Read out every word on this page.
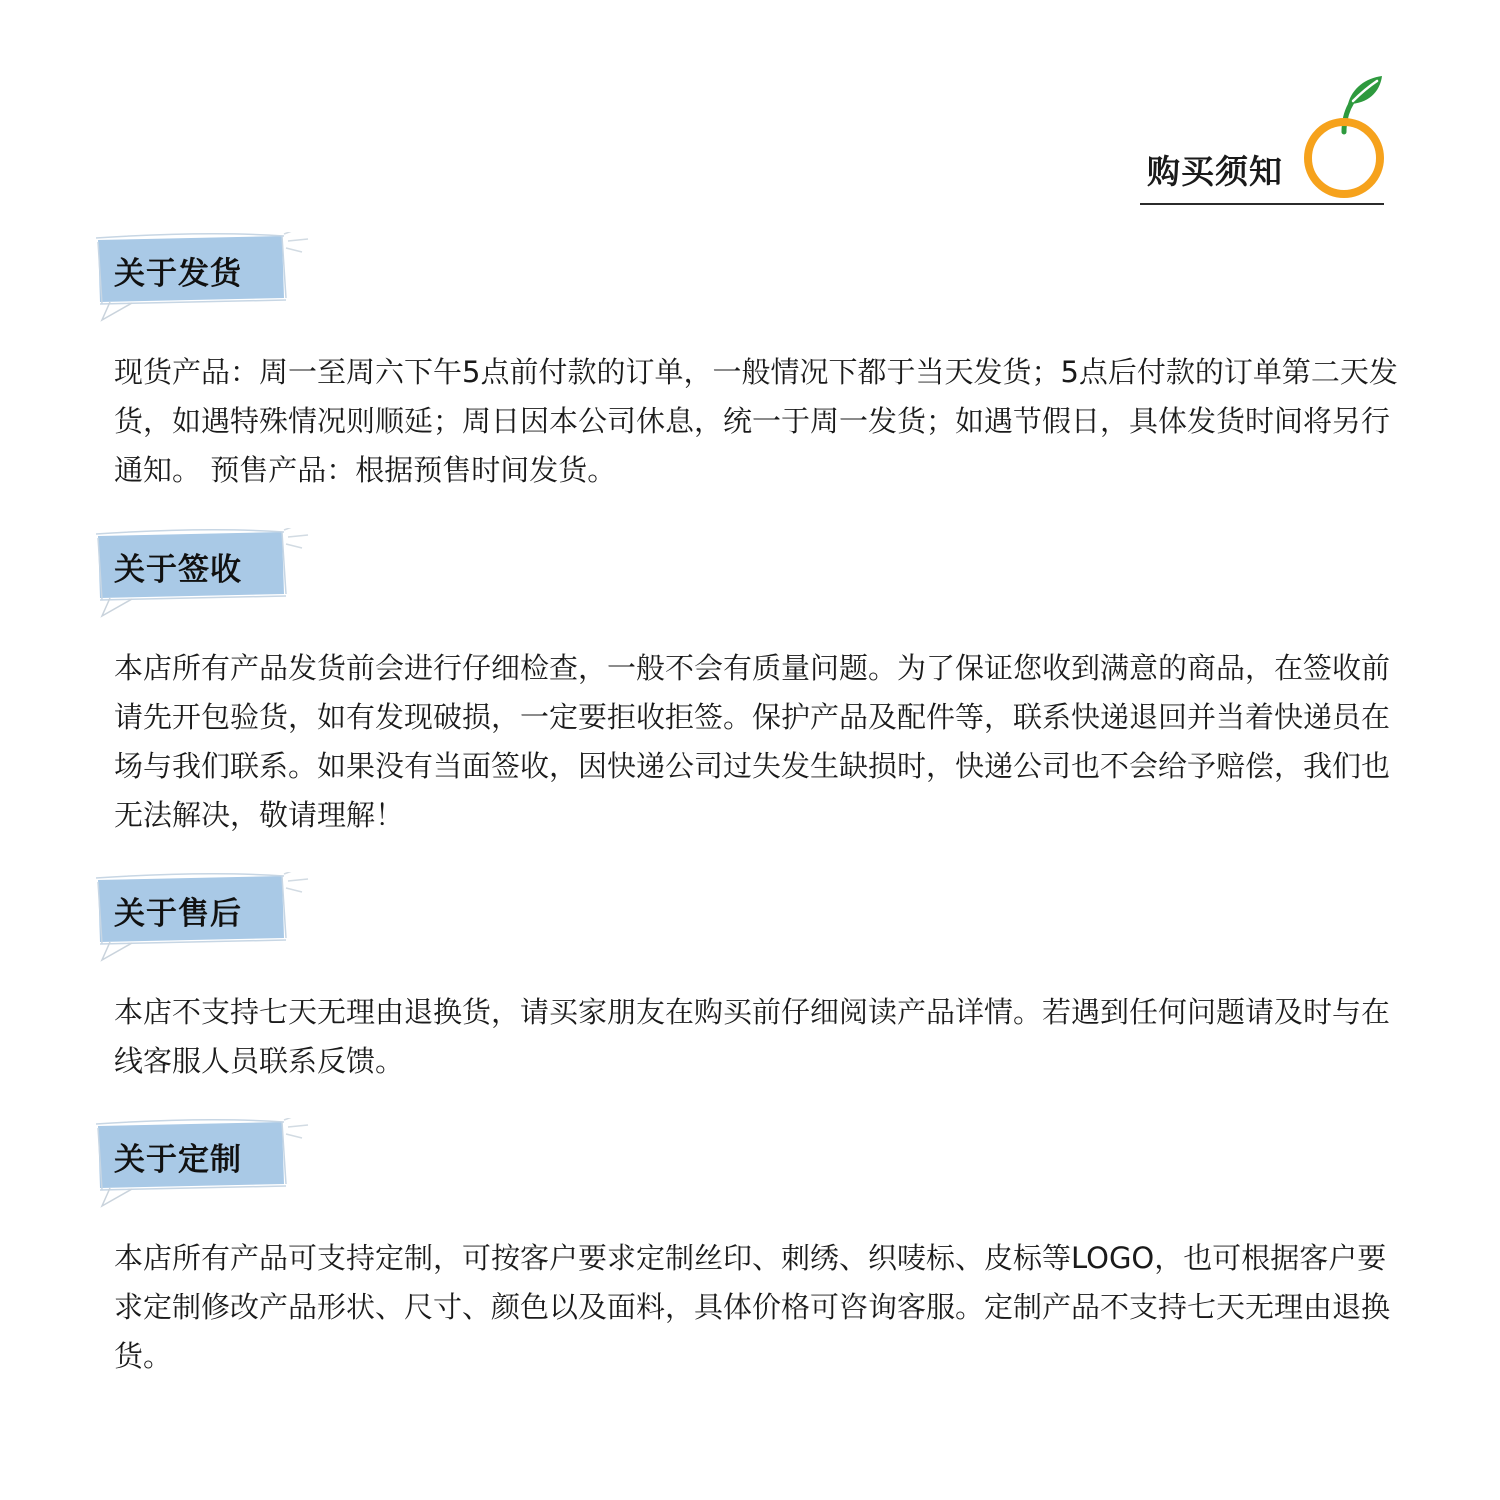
购买须知
关于发货

现货产品：周一至周六下午5点前付款的订单，一般情况下都于当天发货；5点后付款的订单第二天发货，如遇特殊情况则顺延；周日因本公司休息，统一于周一发货；如遇节假日，具体发货时间将另行通知。 预售产品：根据预售时间发货。

关于签收

本店所有产品发货前会进行仔细检查，一般不会有质量问题。为了保证您收到满意的商品，在签收前请先开包验货，如有发现破损，一定要拒收拒签。保护产品及配件等，联系快递退回并当着快递员在场与我们联系。如果没有当面签收，因快递公司过失发生缺损时，快递公司也不会给予赔偿，我们也无法解决，敬请理解！

关于售后

本店不支持七天无理由退换货，请买家朋友在购买前仔细阅读产品详情。若遇到任何问题请及时与在线客服人员联系反馈。

关于定制

本店所有产品可支持定制，可按客户要求定制丝印、刺绣、织唛标、皮标等LOGO，也可根据客户要求定制修改产品形状、尺寸、颜色以及面料，具体价格可咨询客服。定制产品不支持七天无理由退换货。
